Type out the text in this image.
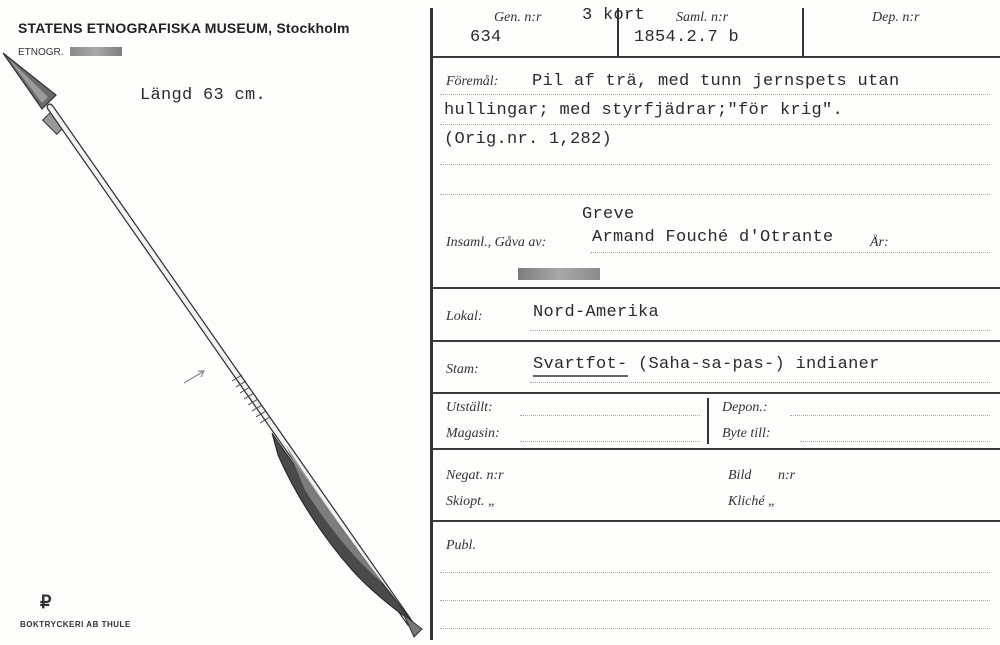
STATENS ETNOGRAFISKA MUSEUM, Stockholm
ETNOGR.
Längd 63 cm.
₽
BOKTRYCKERI AB THULE
Gen. n:r 3 kort
634
Saml. n:r
1854.2.7 b
Dep. n:r
Föremål: Pil af trä, med tunn jernspets utan
hullingar; med styrfjädrar;"för krig".
(Orig.nr. 1,282)
Greve
Insaml., Gåva av:	Armand Fouché d'Otrante	År:
Lokal:	Nord-Amerika
Stam:	Svartfot- (Saha-sa-pas-) indianer
Utställt:
Magasin:
Depon.:
Byte till:
Negat. n:r
Skiopt. „
Bild n:r
Kliché „
Publ.
